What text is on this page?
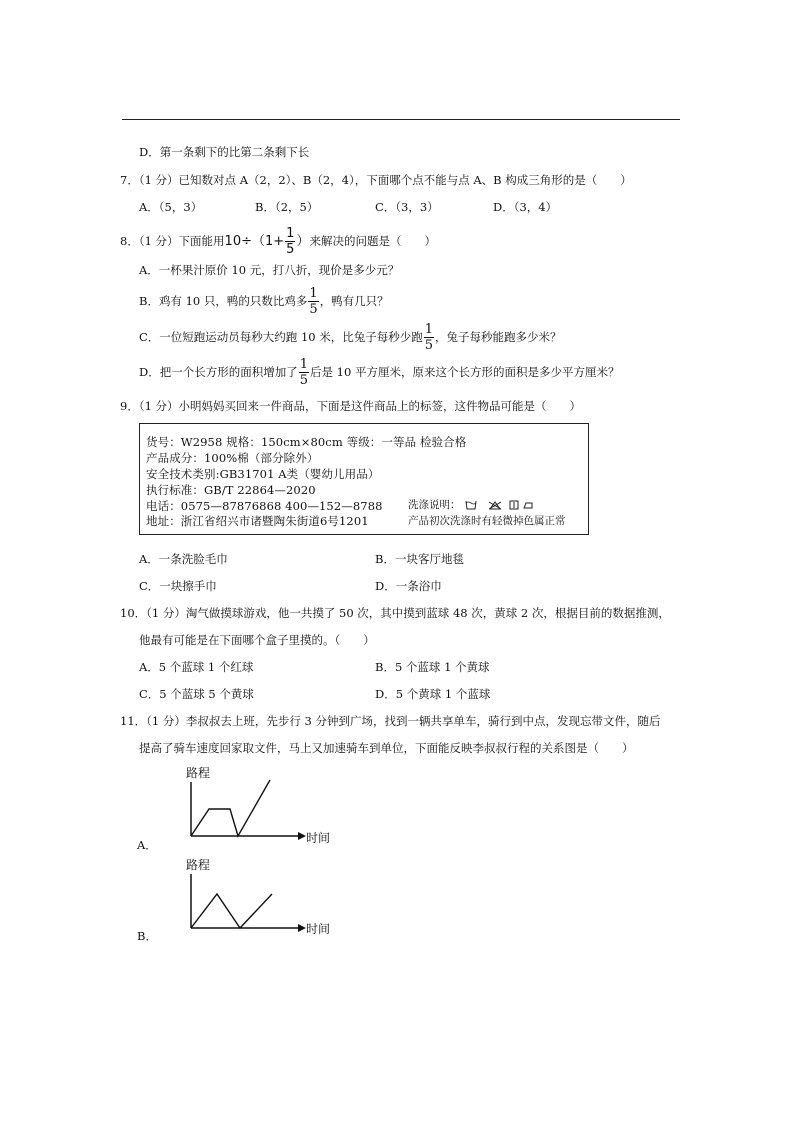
D．第一条剩下的比第二条剩下长
7．（1 分）已知数对点 A（2，2）、B（2，4），下面哪个点不能与点 A、B 构成三角形的是（　　）
A．（5，3）	B．（2，5）	C．（3，3）	D．（3，4）
8．（1 分）下面能用 $10\div(1+ \frac{1}{5}$ ） 来解决的问题是（　　）
A．一杯果汁原价 10 元，打八折，现价是多少元？
B．鸡有 10 只，鸭的只数比鸡多 $\frac{1}{5}$ ，鸭有几只？
C．一位短跑运动员每秒大约跑 10 米，比兔子每秒少跑 $\frac{1}{5}$ ，兔子每秒能跑多少米？
D．把一个长方形的面积增加了 $\frac{1}{5}$ 后是 10 平方厘米，原来这个长方形的面积是多少平方厘米？
9．（1 分）小明妈妈买回来一件商品，下面是这件商品上的标签，这件物品可能是（　　）
货号：W2958 规格：150cm×80cm 等级：一等品 检验合格
产品成分：100%棉（部分除外）
安全技术类别:GB31701 A类（婴幼儿用品）
执行标准：GB/T 22864—2020
电话：0575—87876868 400—152—8788
地址：浙江省绍兴市诸暨陶朱街道6号1201
洗涤说明：
产品初次洗涤时有轻微掉色属正常
A．一条洗脸毛巾	B．一块客厅地毯
C．一块擦手巾	D．一条浴巾
10．（1 分）淘气做摸球游戏，他一共摸了 50 次，其中摸到蓝球 48 次，黄球 2 次，根据目前的数据推测，
他最有可能是在下面哪个盒子里摸的。（　　）
A．5 个蓝球 1 个红球	B．5 个蓝球 1 个黄球
C．5 个蓝球 5 个黄球	D．5 个黄球 1 个蓝球
11．（1 分）李叔叔去上班，先步行 3 分钟到广场，找到一辆共享单车，骑行到中点，发现忘带文件，随后
提高了骑车速度回家取文件，马上又加速骑车到单位，下面能反映李叔叔行程的关系图是（　　）
路程
A．	时间
路程
B．	时间
